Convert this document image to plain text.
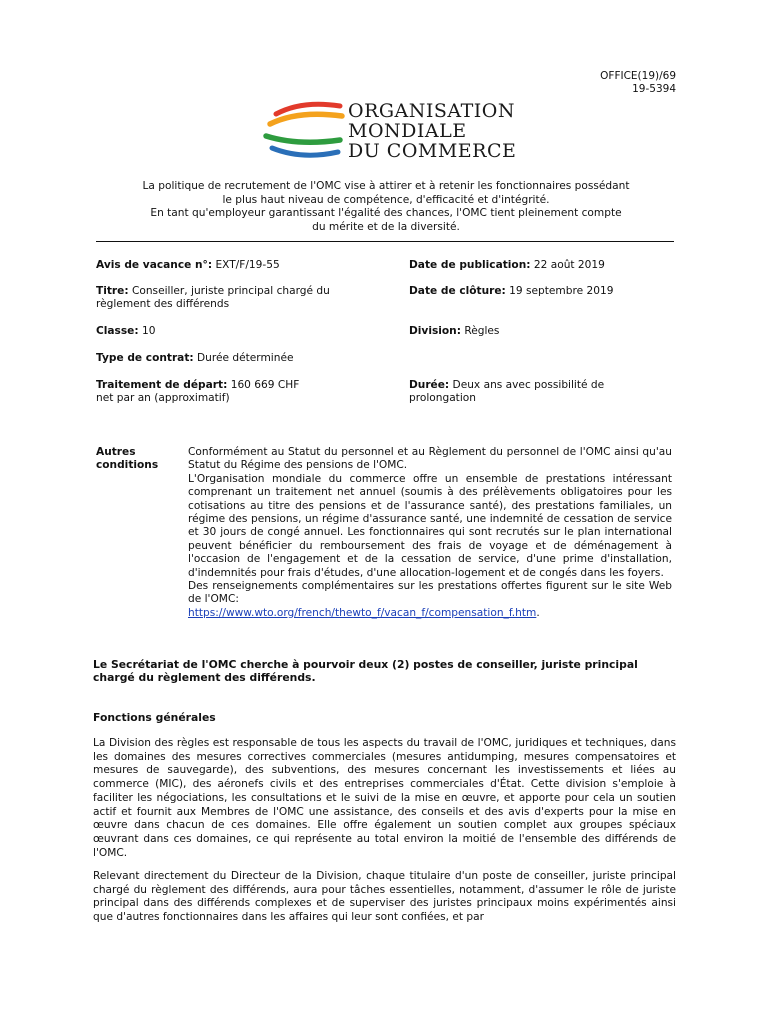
OFFICE(19)/69
19-5394
ORGANISATION
MONDIALE
DU COMMERCE
La politique de recrutement de l'OMC vise à attirer et à retenir les fonctionnaires possédant
le plus haut niveau de compétence, d'efficacité et d'intégrité.
En tant qu'employeur garantissant l'égalité des chances, l'OMC tient pleinement compte
du mérite et de la diversité.
Avis de vacance n°: EXT/F/19-55	Date de publication: 22 août 2019
Titre: Conseiller, juriste principal chargé du
règlement des différends
Date de clôture: 19 septembre 2019
Classe: 10	Division: Règles
Type de contrat: Durée déterminée
Traitement de départ: 160 669 CHF
net par an (approximatif)
Durée: Deux ans avec possibilité de
prolongation
Autres
conditions

Conformément au Statut du personnel et au Règlement du personnel de l'OMC ainsi qu'au Statut du Régime des pensions de l'OMC.

L'Organisation mondiale du commerce offre un ensemble de prestations intéressant comprenant un traitement net annuel (soumis à des prélèvements obligatoires pour les cotisations au titre des pensions et de l'assurance santé), des prestations familiales, un régime des pensions, un régime d'assurance santé, une indemnité de cessation de service et 30 jours de congé annuel. Les fonctionnaires qui sont recrutés sur le plan international peuvent bénéficier du remboursement des frais de voyage et de déménagement à l'occasion de l'engagement et de la cessation de service, d'une prime d'installation, d'indemnités pour frais d'études, d'une allocation-logement et de congés dans les foyers.

Des renseignements complémentaires sur les prestations offertes figurent sur le site Web de l'OMC:

https://www.wto.org/french/thewto_f/vacan_f/compensation_f.htm.

Le Secrétariat de l'OMC cherche à pourvoir deux (2) postes de conseiller, juriste principal chargé du règlement des différends.
Fonctions générales

La Division des règles est responsable de tous les aspects du travail de l'OMC, juridiques et techniques, dans les domaines des mesures correctives commerciales (mesures antidumping, mesures compensatoires et mesures de sauvegarde), des subventions, des mesures concernant les investissements et liées au commerce (MIC), des aéronefs civils et des entreprises commerciales d'État. Cette division s'emploie à faciliter les négociations, les consultations et le suivi de la mise en œuvre, et apporte pour cela un soutien actif et fournit aux Membres de l'OMC une assistance, des conseils et des avis d'experts pour la mise en œuvre dans chacun de ces domaines. Elle offre également un soutien complet aux groupes spéciaux œuvrant dans ces domaines, ce qui représente au total environ la moitié de l'ensemble des différends de l'OMC.

Relevant directement du Directeur de la Division, chaque titulaire d'un poste de conseiller, juriste principal chargé du règlement des différends, aura pour tâches essentielles, notamment, d'assumer le rôle de juriste principal dans des différends complexes et de superviser des juristes principaux moins expérimentés ainsi que d'autres fonctionnaires dans les affaires qui leur sont confiées, et par
